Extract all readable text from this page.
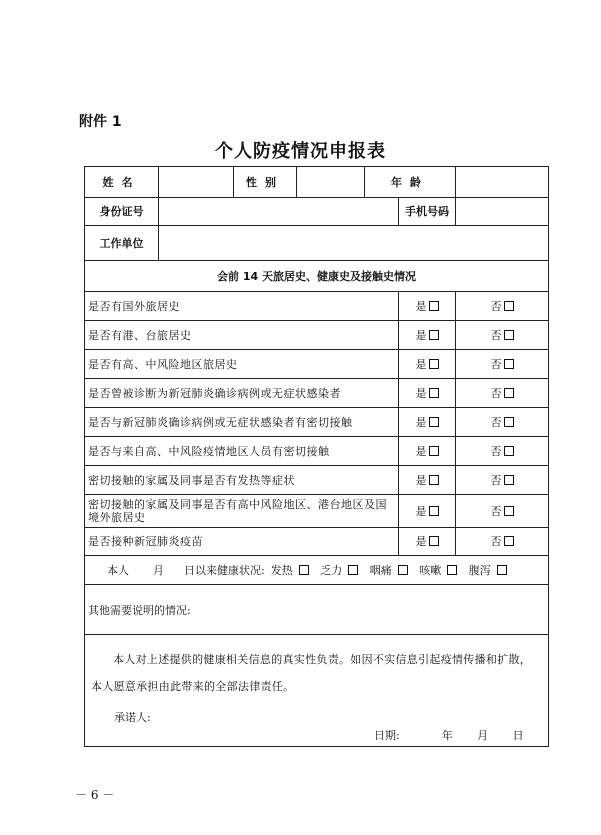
附件 1
个人防疫情况申报表
姓名		性别		年龄		
身份证号					手机号码	
工作单位						
会前 14 天旅居史、健康史及接触史情况						
是否有国外旅居史					是	否
是否有港、台旅居史					是	否
是否有高、中风险地区旅居史					是	否
是否曾被诊断为新冠肺炎确诊病例或无症状感染者					是	否
是否与新冠肺炎确诊病例或无症状感染者有密切接触					是	否
是否与来自高、中风险疫情地区人员有密切接触					是	否
密切接触的家属及同事是否有发热等症状					是	否
密切接触的家属及同事是否有高中风险地区、港台地区及国境外旅居史					是	否
是否接种新冠肺炎疫苗					是	否
本人 月 日以来健康状况: 发热 乏力 咽痛 咳嗽 腹泻						
其他需要说明的情况:						

本人对上述提供的健康相关信息的真实性负责。如因不实信息引起疫情传播和扩散，本人愿意承担由此带来的全部法律责任。
承诺人:
日期: 年 月 日						
－ 6 －
